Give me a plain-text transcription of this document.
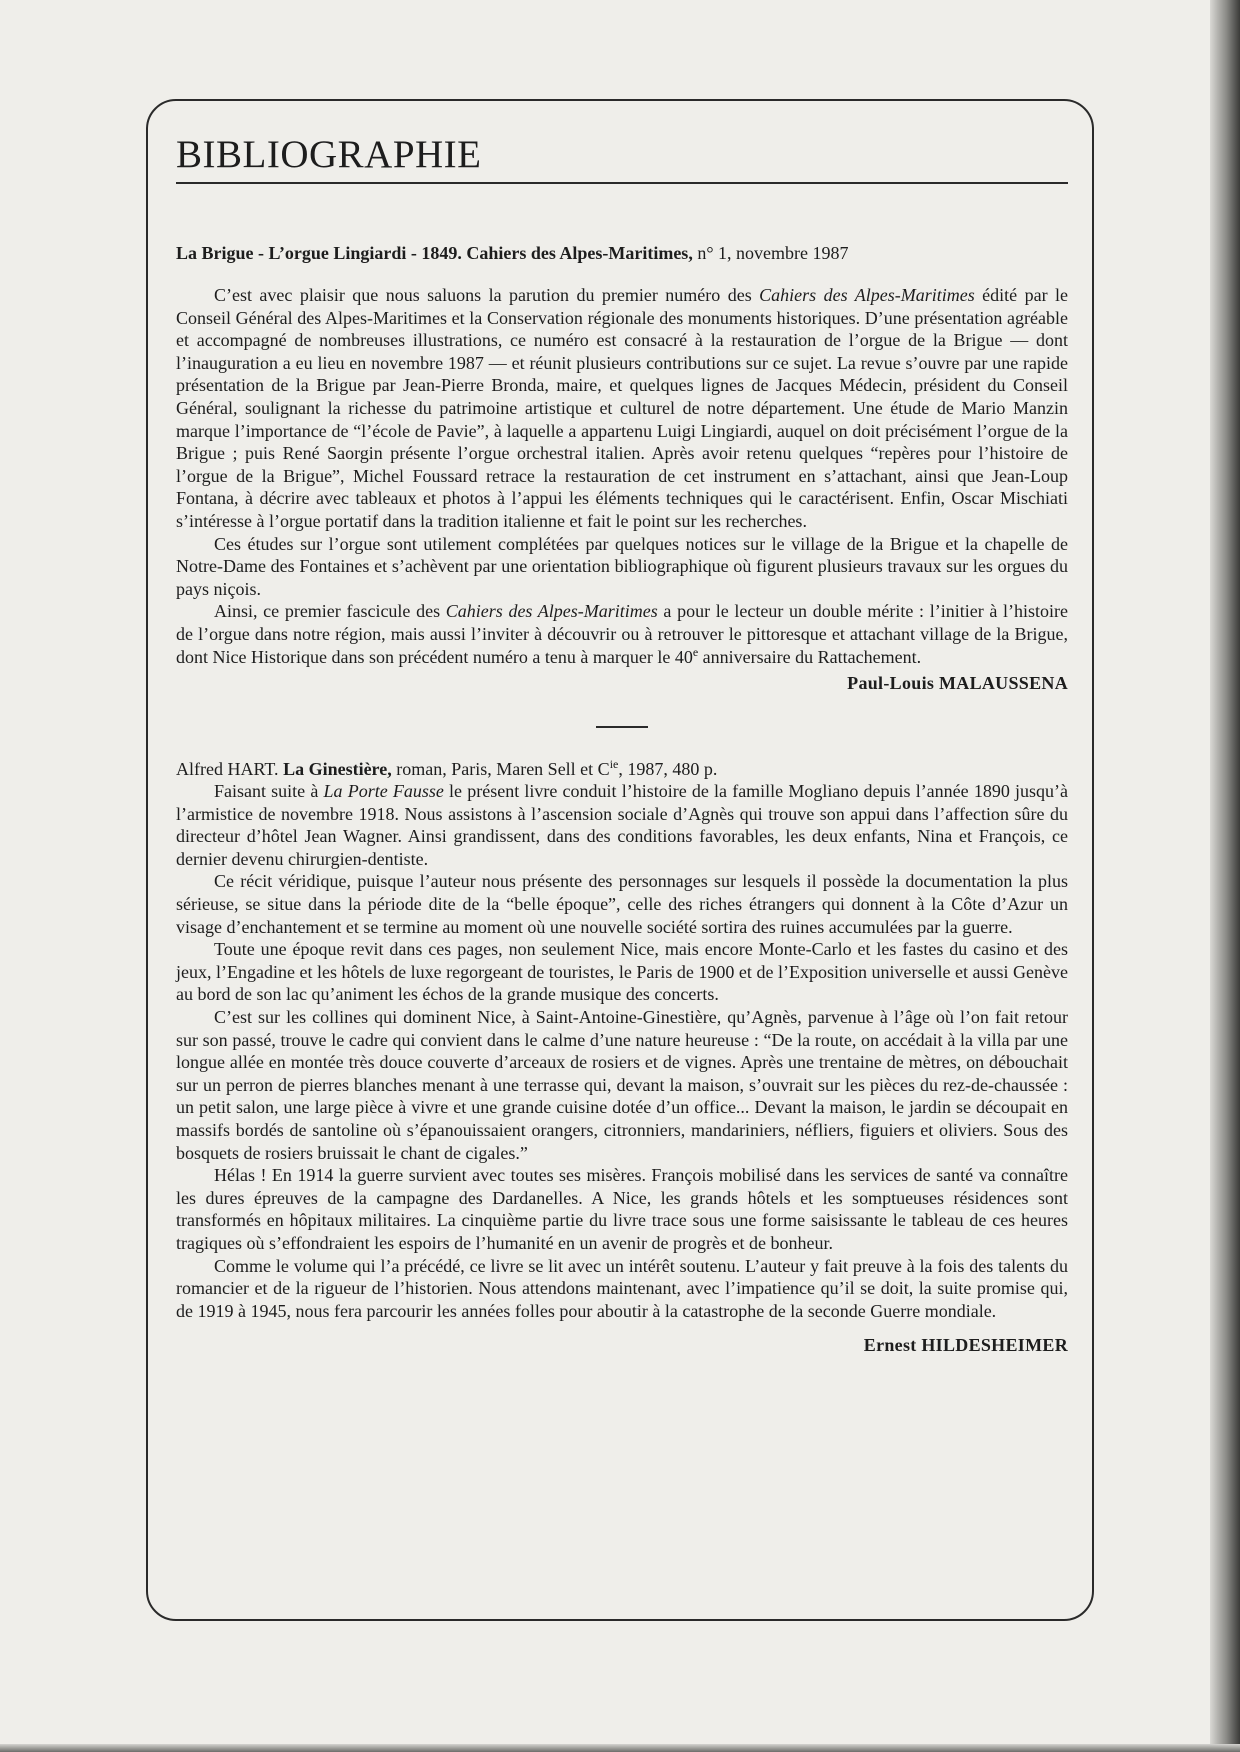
BIBLIOGRAPHIE

La Brigue - L’orgue Lingiardi - 1849. Cahiers des Alpes-Maritimes, n° 1, novembre 1987

C’est avec plaisir que nous saluons la parution du premier numéro des Cahiers des Alpes-Maritimes édité par le Conseil Général des Alpes-Maritimes et la Conservation régionale des monuments historiques. D’une présentation agréable et accompagné de nombreuses illustrations, ce numéro est consacré à la restauration de l’orgue de la Brigue — dont l’inauguration a eu lieu en novembre 1987 — et réunit plusieurs contributions sur ce sujet. La revue s’ouvre par une rapide présentation de la Brigue par Jean-Pierre Bronda, maire, et quelques lignes de Jacques Médecin, président du Conseil Général, soulignant la richesse du patrimoine artistique et culturel de notre département. Une étude de Mario Manzin marque l’importance de “l’école de Pavie”, à laquelle a appartenu Luigi Lingiardi, auquel on doit précisément l’orgue de la Brigue ; puis René Saorgin présente l’orgue orchestral italien. Après avoir retenu quelques “repères pour l’histoire de l’orgue de la Brigue”, Michel Foussard retrace la restauration de cet instrument en s’attachant, ainsi que Jean-Loup Fontana, à décrire avec tableaux et photos à l’appui les éléments techniques qui le caractérisent. Enfin, Oscar Mischiati s’intéresse à l’orgue portatif dans la tradition italienne et fait le point sur les recherches.

Ces études sur l’orgue sont utilement complétées par quelques notices sur le village de la Brigue et la chapelle de Notre-Dame des Fontaines et s’achèvent par une orientation bibliographique où figurent plusieurs travaux sur les orgues du pays niçois.

Ainsi, ce premier fascicule des Cahiers des Alpes-Maritimes a pour le lecteur un double mérite : l’initier à l’histoire de l’orgue dans notre région, mais aussi l’inviter à découvrir ou à retrouver le pittoresque et attachant village de la Brigue, dont Nice Historique dans son précédent numéro a tenu à marquer le 40e anniversaire du Rattachement.

Paul-Louis MALAUSSENA

Alfred HART. La Ginestière, roman, Paris, Maren Sell et $C^{ie}$, 1987, 480 p.

Faisant suite à La Porte Fausse le présent livre conduit l’histoire de la famille Mogliano depuis l’année 1890 jusqu’à l’armistice de novembre 1918. Nous assistons à l’ascension sociale d’Agnès qui trouve son appui dans l’affection sûre du directeur d’hôtel Jean Wagner. Ainsi grandissent, dans des conditions favorables, les deux enfants, Nina et François, ce dernier devenu chirurgien-dentiste.

Ce récit véridique, puisque l’auteur nous présente des personnages sur lesquels il possède la documentation la plus sérieuse, se situe dans la période dite de la “belle époque”, celle des riches étrangers qui donnent à la Côte d’Azur un visage d’enchantement et se termine au moment où une nouvelle société sortira des ruines accumulées par la guerre.

Toute une époque revit dans ces pages, non seulement Nice, mais encore Monte-Carlo et les fastes du casino et des jeux, l’Engadine et les hôtels de luxe regorgeant de touristes, le Paris de 1900 et de l’Exposition universelle et aussi Genève au bord de son lac qu’animent les échos de la grande musique des concerts.

C’est sur les collines qui dominent Nice, à Saint-Antoine-Ginestière, qu’Agnès, parvenue à l’âge où l’on fait retour sur son passé, trouve le cadre qui convient dans le calme d’une nature heureuse : “De la route, on accédait à la villa par une longue allée en montée très douce couverte d’arceaux de rosiers et de vignes. Après une trentaine de mètres, on débouchait sur un perron de pierres blanches menant à une terrasse qui, devant la maison, s’ouvrait sur les pièces du rez-de-chaussée : un petit salon, une large pièce à vivre et une grande cuisine dotée d’un office... Devant la maison, le jardin se découpait en massifs bordés de santoline où s’épanouissaient orangers, citronniers, mandariniers, néfliers, figuiers et oliviers. Sous des bosquets de rosiers bruissait le chant de cigales.”

Hélas ! En 1914 la guerre survient avec toutes ses misères. François mobilisé dans les services de santé va connaître les dures épreuves de la campagne des Dardanelles. A Nice, les grands hôtels et les somptueuses résidences sont transformés en hôpitaux militaires. La cinquième partie du livre trace sous une forme saisissante le tableau de ces heures tragiques où s’effondraient les espoirs de l’humanité en un avenir de progrès et de bonheur.

Comme le volume qui l’a précédé, ce livre se lit avec un intérêt soutenu. L’auteur y fait preuve à la fois des talents du romancier et de la rigueur de l’historien. Nous attendons maintenant, avec l’impatience qu’il se doit, la suite promise qui, de 1919 à 1945, nous fera parcourir les années folles pour aboutir à la catastrophe de la seconde Guerre mondiale.

Ernest HILDESHEIMER
